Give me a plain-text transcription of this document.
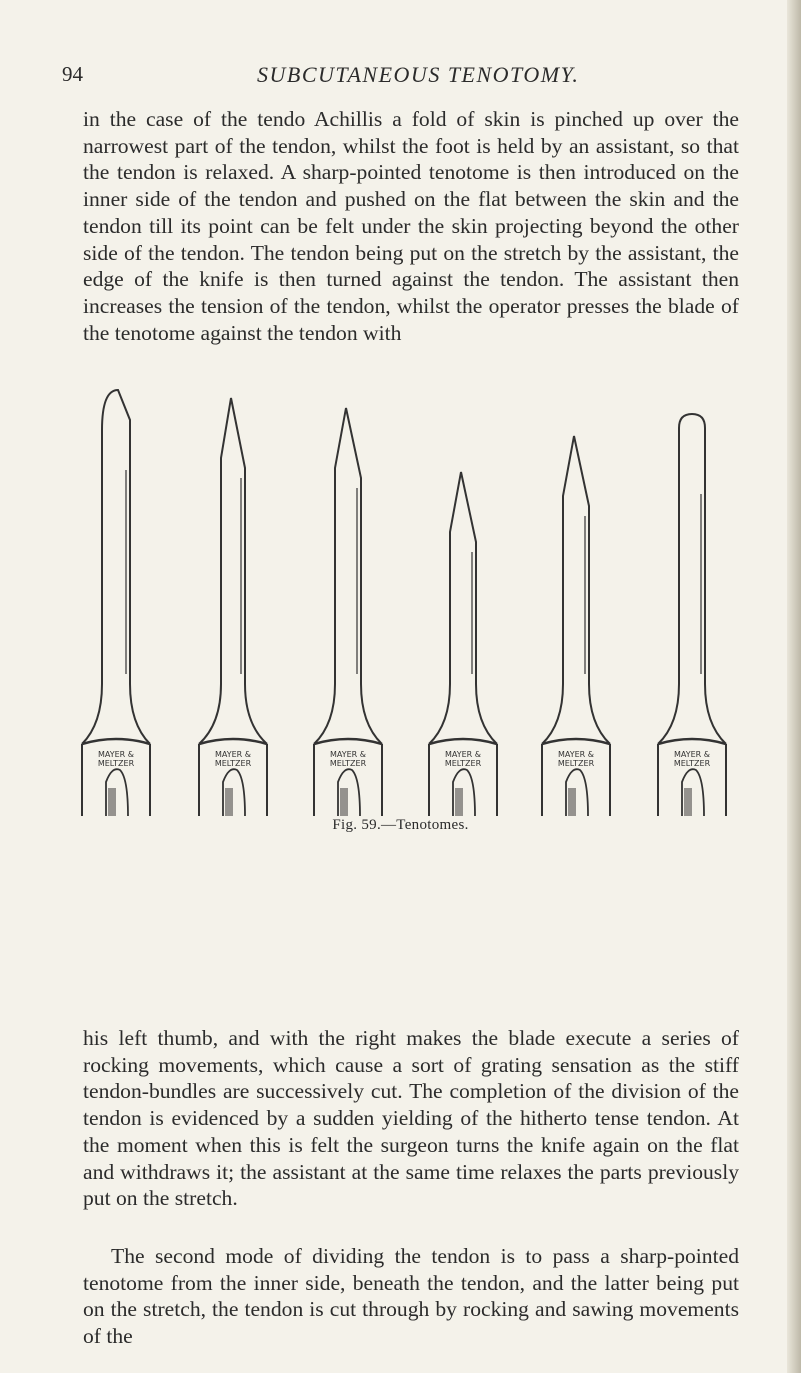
94	SUBCUTANEOUS TENOTOMY.

in the case of the tendo Achillis a fold of skin is pinched up over the narrowest part of the tendon, whilst the foot is held by an assistant, so that the tendon is relaxed. A sharp-pointed tenotome is then introduced on the inner side of the tendon and pushed on the flat between the skin and the tendon till its point can be felt under the skin projecting beyond the other side of the tendon. The tendon being put on the stretch by the assistant, the edge of the knife is then turned against the tendon. The assistant then increases the tension of the tendon, whilst the operator presses the blade of the tenotome against the tendon with

MAYER &
MELTZER
MAYER &
MELTZER
MAYER &
MELTZER
MAYER &
MELTZER
MAYER &
MELTZER
MAYER &
MELTZER
Fig. 59.—Tenotomes.

his left thumb, and with the right makes the blade execute a series of rocking movements, which cause a sort of grating sensation as the stiff tendon-bundles are successively cut. The completion of the division of the tendon is evidenced by a sudden yielding of the hitherto tense tendon. At the moment when this is felt the surgeon turns the knife again on the flat and withdraws it; the assistant at the same time relaxes the parts previously put on the stretch.

The second mode of dividing the tendon is to pass a sharp-pointed tenotome from the inner side, beneath the tendon, and the latter being put on the stretch, the tendon is cut through by rocking and sawing movements of the
